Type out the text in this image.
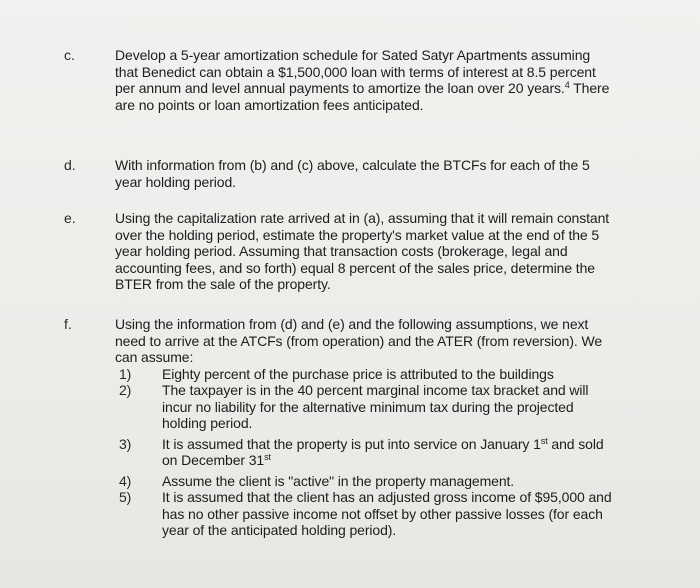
c.	Develop a 5-year amortization schedule for Sated Satyr Apartments assuming that Benedict can obtain a $1,500,000 loan with terms of interest at 8.5 percent per annum and level annual payments to amortize the loan over 20 years.$^4$ There are no points or loan amortization fees anticipated.

d.	With information from (b) and (c) above, calculate the BTCFs for each of the 5 year holding period.

e.	Using the capitalization rate arrived at in (a), assuming that it will remain constant over the holding period, estimate the property's market value at the end of the 5 year holding period. Assuming that transaction costs (brokerage, legal and accounting fees, and so forth) equal 8 percent of the sales price, determine the BTER from the sale of the property.

f.	Using the information from (d) and (e) and the following assumptions, we next need to arrive at the ATCFs (from operation) and the ATER (from reversion). We can assume:

1) Eighty percent of the purchase price is attributed to the buildings
2) The taxpayer is in the 40 percent marginal income tax bracket and will incur no liability for the alternative minimum tax during the projected holding period.
3) It is assumed that the property is put into service on January 1st and sold on December 31st
4) Assume the client is "active" in the property management.
5) It is assumed that the client has an adjusted gross income of $95,000 and has no other passive income not offset by other passive losses (for each year of the anticipated holding period).
